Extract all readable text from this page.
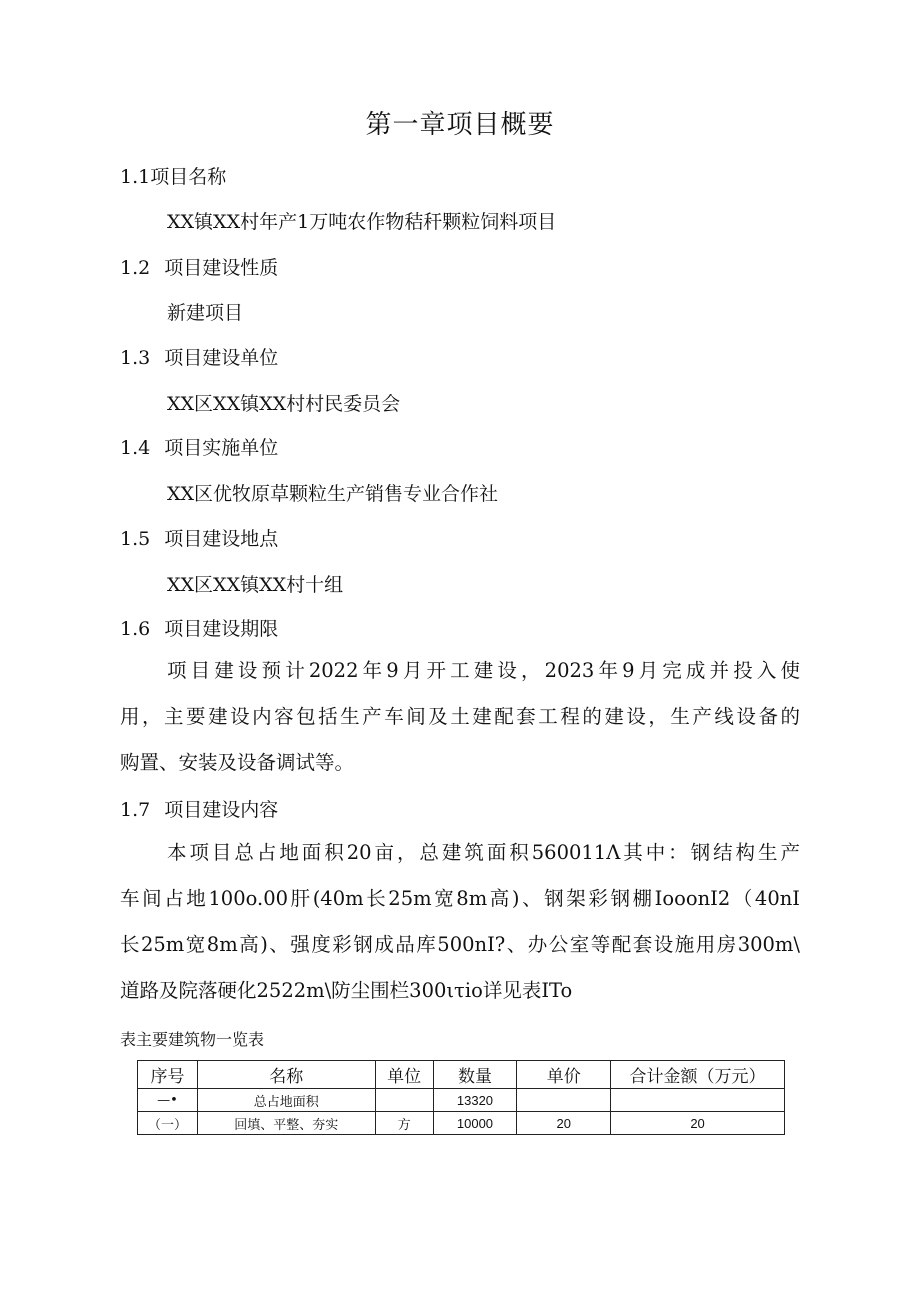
第一章项目概要
1.1项目名称
XX镇XX村年产1万吨农作物秸秆颗粒饲料项目
1.2 项目建设性质
新建项目
1.3 项目建设单位
XX区XX镇XX村村民委员会
1.4 项目实施单位
XX区优牧原草颗粒生产销售专业合作社
1.5 项目建设地点
XX区XX镇XX村十组
1.6 项目建设期限
项目建设预计2022年9月开工建设，2023年9月完成并投入使
用，主要建设内容包括生产车间及土建配套工程的建设，生产线设备的
购置、安装及设备调试等。
1.7 项目建设内容
本项目总占地面积20亩，总建筑面积560011Λ其中：钢结构生产
车间占地100o.00肝(40m长25m宽8m高)、钢架彩钢棚IooonI2（40nI
长25m宽8m高)、强度彩钢成品库500nI?、办公室等配套设施用房300m\
道路及院落硬化2522m\防尘围栏300ιτio详见表ITo
表主要建筑物一览表
序号	名称	单位	数量	单价	合计金额（万元）
—•	总占地面积		13320		
（一）	回填、平整、夯实	方	10000	20	20
